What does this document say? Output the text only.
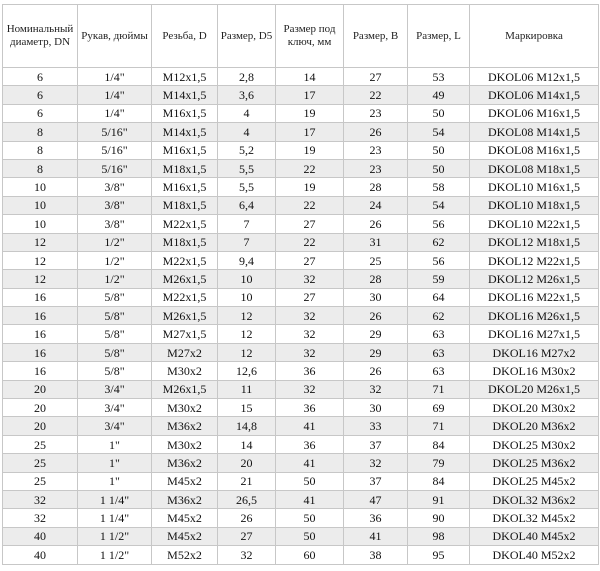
Номинальный диаметр, DN	Рукав, дюймы	Резьба, D	Размер, D5	Размер под ключ, мм	Размер, B	Размер, L	Маркировка
6	1/4"	M12x1,5	2,8	14	27	53	DKOL06 M12x1,5
6	1/4"	M14x1,5	3,6	17	22	49	DKOL06 M14x1,5
6	1/4"	M16x1,5	4	19	23	50	DKOL06 M16x1,5
8	5/16"	M14x1,5	4	17	26	54	DKOL08 M14x1,5
8	5/16"	M16x1,5	5,2	19	23	50	DKOL08 M16x1,5
8	5/16"	M18x1,5	5,5	22	23	50	DKOL08 M18x1,5
10	3/8"	M16x1,5	5,5	19	28	58	DKOL10 M16x1,5
10	3/8"	M18x1,5	6,4	22	24	54	DKOL10 M18x1,5
10	3/8"	M22x1,5	7	27	26	56	DKOL10 M22x1,5
12	1/2"	M18x1,5	7	22	31	62	DKOL12 M18x1,5
12	1/2"	M22x1,5	9,4	27	25	56	DKOL12 M22x1,5
12	1/2"	M26x1,5	10	32	28	59	DKOL12 M26x1,5
16	5/8"	M22x1,5	10	27	30	64	DKOL16 M22x1,5
16	5/8"	M26x1,5	12	32	26	62	DKOL16 M26x1,5
16	5/8"	M27x1,5	12	32	29	63	DKOL16 M27x1,5
16	5/8"	M27x2	12	32	29	63	DKOL16 M27x2
16	5/8"	M30x2	12,6	36	26	63	DKOL16 M30x2
20	3/4"	M26x1,5	11	32	32	71	DKOL20 M26x1,5
20	3/4"	M30x2	15	36	30	69	DKOL20 M30x2
20	3/4"	M36x2	14,8	41	33	71	DKOL20 M36x2
25	1"	M30x2	14	36	37	84	DKOL25 M30x2
25	1"	M36x2	20	41	32	79	DKOL25 M36x2
25	1"	M45x2	21	50	37	84	DKOL25 M45x2
32	1 1/4"	M36x2	26,5	41	47	91	DKOL32 M36x2
32	1 1/4"	M45x2	26	50	36	90	DKOL32 M45x2
40	1 1/2"	M45x2	27	50	41	98	DKOL40 M45x2
40	1 1/2"	M52x2	32	60	38	95	DKOL40 M52x2
